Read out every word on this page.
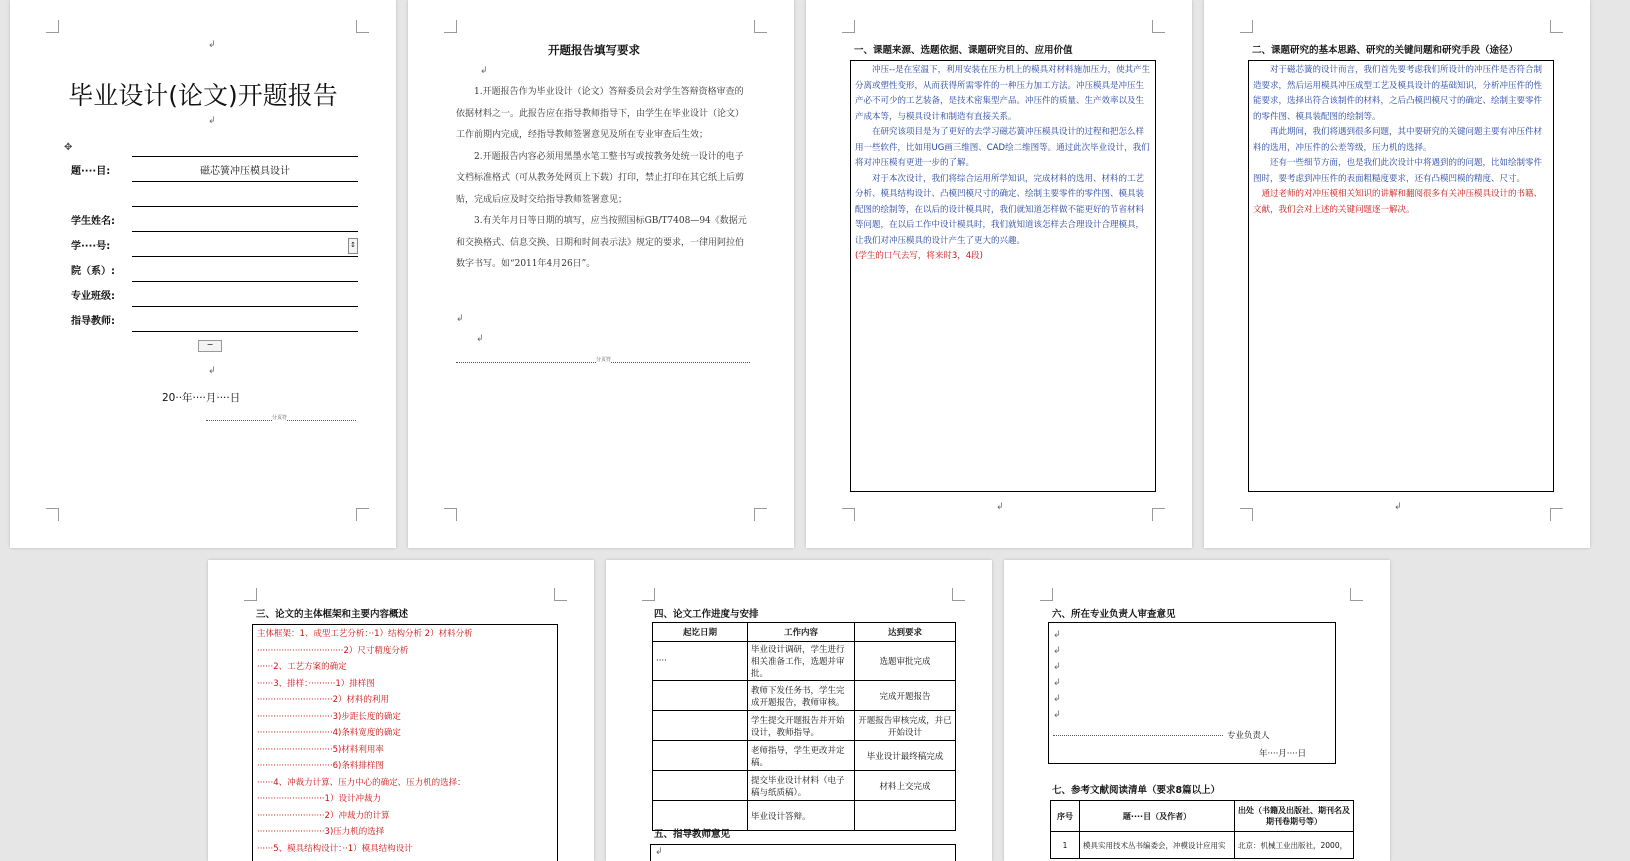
↲
毕业设计(论文)开题报告
↲
✥
题····目:	磁芯簧冲压模具设计

学生姓名:	
学····号:	
院（系）:	
专业班级:	
指导教师:	
↕
−
↲
20··年····月····日
分页符
开题报告填写要求
↲

1.开题报告作为毕业设计（论文）答辩委员会对学生答辩资格审查的依据材料之一。此报告应在指导教师指导下，由学生在毕业设计（论文）工作前期内完成，经指导教师签署意见及所在专业审查后生效；

2.开题报告内容必须用黑墨水笔工整书写或按教务处统一设计的电子文档标准格式（可从教务处网页上下载）打印，禁止打印在其它纸上后剪贴，完成后应及时交给指导教师签署意见；

3.有关年月日等日期的填写，应当按照国标GB/T7408—94《数据元和交换格式、信息交换、日期和时间表示法》规定的要求，一律用阿拉伯数字书写。如“2011年4月26日”。

↲
↲
分页符
一、课题来源、选题依据、课题研究目的、应用价值
冲压--是在室温下，利用安装在压力机上的模具对材料施加压力，使其产生分离或塑性变形，从而获得所需零件的一种压力加工方法。冲压模具是冲压生产必不可少的工艺装备，是技术密集型产品。冲压件的质量、生产效率以及生产成本等，与模具设计和制造有直接关系。
在研究该项目是为了更好的去学习磁芯簧冲压模具设计的过程和把怎么样用一些软件，比如用UG画三维图、CAD绘二维图等。通过此次毕业设计，我们将对冲压模有更进一步的了解。
对于本次设计，我们将综合运用所学知识，完成材料的选用、材料的工艺分析、模具结构设计、凸模凹模尺寸的确定、绘制主要零件的零件图、模具装配图的绘制等，在以后的设计模具时，我们就知道怎样做不能更好的节省材料等问题，在以后工作中设计模具时，我们就知道该怎样去合理设计合理模具，让我们对冲压模具的设计产生了更大的兴趣。
(学生的口气去写，将来时3，4段)
↲
二、课题研究的基本思路、研究的关键问题和研究手段（途径）
对于磁芯簧的设计而言，我们首先要考虑我们所设计的冲压件是否符合制造要求，然后运用模具冲压成型工艺及模具设计的基础知识，分析冲压件的性能要求，选择出符合该制件的材料，之后凸模凹模尺寸的确定、绘制主要零件的零件图、模具装配图的绘制等。
再此期间，我们将遇到很多问题，其中要研究的关键问题主要有冲压件材料的选用，冲压件的公差等级，压力机的选择。
还有一些细节方面，也是我们此次设计中将遇到的的问题，比如绘制零件图时，要考虑到冲压件的表面粗糙度要求，还有凸模凹模的精度、尺寸。
通过老师的对冲压模相关知识的讲解和翻阅很多有关冲压模具设计的书籍、文献，我们会对上述的关键问题逐一解决。
↲
三、论文的主体框架和主要内容概述
主体框架：1、成型工艺分析：··1）结构分析 2）材料分析
································2）尺寸精度分析
······2、工艺方案的确定
······3、排样：··········1）排样图
····························2）材料的利用
····························3)步距长度的确定
····························4)条料宽度的确定
····························5)材料利用率
····························6)条料排样图
······4、冲裁力计算、压力中心的确定、压力机的选择：
·························1）设计冲裁力
·························2）冲裁力的计算
·························3)压力机的选择
······5、模具结构设计：··1）模具结构设计
四、论文工作进度与安排
起讫日期	工作内容	达到要求
····	毕业设计调研，学生进行相关准备工作，选题并审批。	选题审批完成
	教师下发任务书，学生完成开题报告，教师审核。	完成开题报告
	学生提交开题报告并开始设计，教师指导。	开题报告审核完成，并已开始设计
	老师指导，学生更改并定稿。	毕业设计最终稿完成
	提交毕业设计材料（电子稿与纸质稿）。	材料上交完成
	毕业设计答辩。	
五、指导教师意见
↲
六、所在专业负责人审查意见
↲
↲
↲
↲
↲
↲
专业负责人
年····月····日
七、参考文献阅读清单（要求8篇以上）
序号	题····目（及作者）	出处（书籍及出版社、期刊名及期刊卷期号等）
1	模具实用技术丛书编委会，冲模设计应用实	北京：机械工业出版社，2000，
